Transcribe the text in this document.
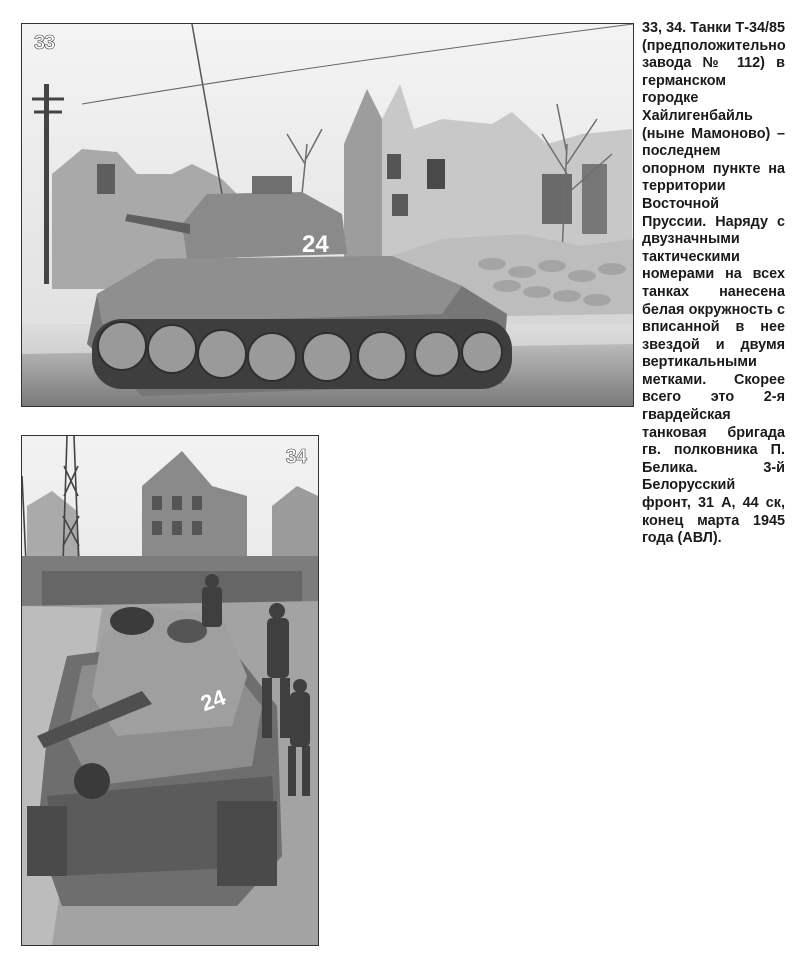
24
33
24
34

33, 34. Танки Т-34/85 (предположительно завода № 112) в германском городке Хайлигенбайль (ныне Мамоново) – последнем опорном пункте на территории Восточной Пруссии. Наряду с двузначными тактическими номерами на всех танках нанесена белая окружность с вписанной в нее звездой и двумя вертикальными метками. Скорее всего это 2-я гвардейская танковая бригада гв. полковника П. Белика. 3-й Белорусский фронт, 31 А, 44 ск, конец марта 1945 года (АВЛ).
